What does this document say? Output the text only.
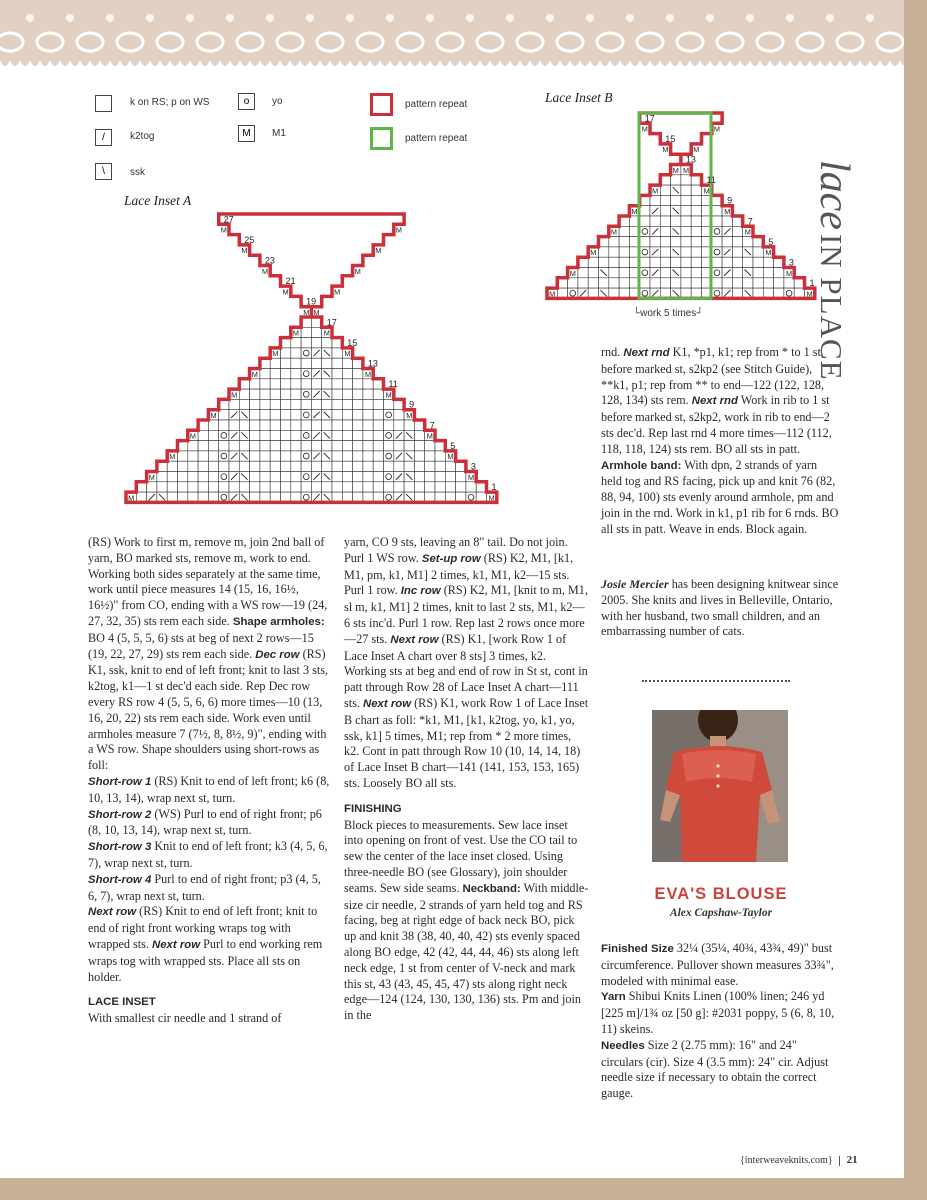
k on RS; p on WS	o	yo	pattern repeat
/	k2tog	M	M1	pattern repeat
\	ssk
Lace Inset A
M
M
M
M
M
M
M
M
M
M
M	M
M	M
M	M
M	M
M	M
M	M
M	M
M	M
M	M
27
25
23
21
19
17
15
13
11
9
7
5
3
1
Lace Inset B
M
M
M
M
M M
M	M
M	M
M	M
M	M
M	M
M	M
17
15
13
11
9
7
5
3
1
└work 5 times┘
lace IN PLACE

(RS) Work to first m, remove m, join 2nd ball of yarn, BO marked sts, remove m, work to end. Working both sides separately at the same time, work until piece measures 14 (15, 16, 16½, 16½)" from CO, ending with a WS row—19 (24, 27, 32, 35) sts rem each side. Shape armholes: BO 4 (5, 5, 5, 6) sts at beg of next 2 rows—15 (19, 22, 27, 29) sts rem each side. Dec row (RS) K1, ssk, knit to end of left front; knit to last 3 sts, k2tog, k1—1 st dec'd each side. Rep Dec row every RS row 4 (5, 5, 6, 6) more times—10 (13, 16, 20, 22) sts rem each side. Work even until armholes measure 7 (7½, 8, 8½, 9)", ending with a WS row. Shape shoulders using short-rows as foll:
Short-row 1 (RS) Knit to end of left front; k6 (8, 10, 13, 14), wrap next st, turn.
Short-row 2 (WS) Purl to end of right front; p6 (8, 10, 13, 14), wrap next st, turn.
Short-row 3 Knit to end of left front; k3 (4, 5, 6, 7), wrap next st, turn.
Short-row 4 Purl to end of right front; p3 (4, 5, 6, 7), wrap next st, turn.
Next row (RS) Knit to end of left front; knit to end of right front working wraps tog with wrapped sts. Next row Purl to end working rem wraps tog with wrapped sts. Place all sts on holder.

LACE INSET

With smallest cir needle and 1 strand of

yarn, CO 9 sts, leaving an 8" tail. Do not join. Purl 1 WS row. Set-up row (RS) K2, M1, [k1, M1, pm, k1, M1] 2 times, k1, M1, k2—15 sts. Purl 1 row. Inc row (RS) K2, M1, [knit to m, M1, sl m, k1, M1] 2 times, knit to last 2 sts, M1, k2—6 sts inc'd. Purl 1 row. Rep last 2 rows once more—27 sts. Next row (RS) K1, [work Row 1 of Lace Inset A chart over 8 sts] 3 times, k2. Working sts at beg and end of row in St st, cont in patt through Row 28 of Lace Inset A chart—111 sts. Next row (RS) K1, work Row 1 of Lace Inset B chart as foll: *k1, M1, [k1, k2tog, yo, k1, yo, ssk, k1] 5 times, M1; rep from * 2 more times, k2. Cont in patt through Row 10 (10, 14, 14, 18) of Lace Inset B chart—141 (141, 153, 153, 165) sts. Loosely BO all sts.

FINISHING

Block pieces to measurements. Sew lace inset into opening on front of vest. Use the CO tail to sew the center of the lace inset closed. Using three-needle BO (see Glossary), join shoulder seams. Sew side seams. Neckband: With middle-size cir needle, 2 strands of yarn held tog and RS facing, beg at right edge of back neck BO, pick up and knit 38 (38, 40, 40, 42) sts evenly spaced along BO edge, 42 (42, 44, 44, 46) sts along left neck edge, 1 st from center of V-neck and mark this st, 43 (43, 45, 45, 47) sts along right neck edge—124 (124, 130, 130, 136) sts. Pm and join in the

rnd. Next rnd K1, *p1, k1; rep from * to 1 st before marked st, s2kp2 (see Stitch Guide), **k1, p1; rep from ** to end—122 (122, 128, 128, 134) sts rem. Next rnd Work in rib to 1 st before marked st, s2kp2, work in rib to end—2 sts dec'd. Rep last rnd 4 more times—112 (112, 118, 118, 124) sts rem. BO all sts in patt. Armhole band: With dpn, 2 strands of yarn held tog and RS facing, pick up and knit 76 (82, 88, 94, 100) sts evenly around armhole, pm and join in the rnd. Work in k1, p1 rib for 6 rnds. BO all sts in patt. Weave in ends. Block again.

Josie Mercier has been designing knitwear since 2005. She knits and lives in Belleville, Ontario, with her husband, two small children, and an embarrassing number of cats.
EVA'S BLOUSE
Alex Capshaw-Taylor

Finished Size 32¼ (35¼, 40¾, 43¾, 49)" bust circumference. Pullover shown measures 33¾", modeled with minimal ease.
Yarn Shibui Knits Linen (100% linen; 246 yd [225 m]/1¾ oz [50 g]: #2031 poppy, 5 (6, 8, 10, 11) skeins.
Needles Size 2 (2.75 mm): 16" and 24" circulars (cir). Size 4 (3.5 mm): 24" cir. Adjust needle size if necessary to obtain the correct gauge.

{interweaveknits.com} 21
